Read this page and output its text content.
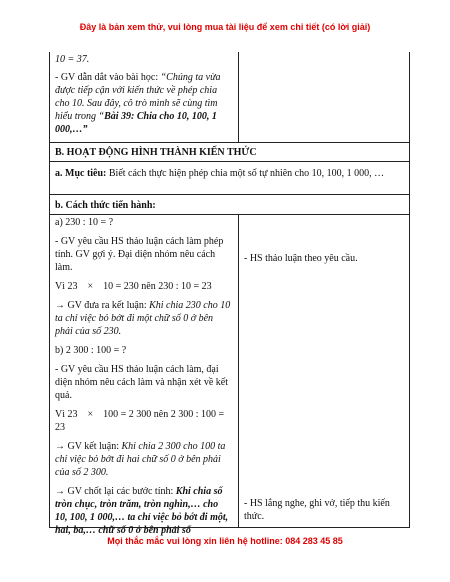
Đây là bản xem thử, vui lòng mua tài liệu để xem chi tiết (có lời giải)

10 = 37.

- GV dẫn dắt vào bài học: “Chúng ta vừa được tiếp cận với kiến thức về phép chia cho 10. Sau đây, cô trò mình sẽ cùng tìm hiểu trong “Bài 39: Chia cho 10, 100, 1 000,…”

B. HOẠT ĐỘNG HÌNH THÀNH KIẾN THỨC

a. Mục tiêu: Biết cách thực hiện phép chia một số tự nhiên cho 10, 100, 1 000, …

b. Cách thức tiến hành:

a) 230 : 10 = ?

- GV yêu cầu HS thảo luận cách làm phép tính. GV gợi ý. Đại diện nhóm nêu cách làm.

Vì 23    ×    10 = 230 nên 230 : 10 = 23

→ GV đưa ra kết luận: Khi chia 230 cho 10 ta chỉ việc bỏ bớt đi một chữ số 0 ở bên phải của số 230.

b) 2 300 : 100 = ?

- GV yêu cầu HS thảo luận cách làm, đại diện nhóm nêu cách làm và nhận xét về kết quả.

Vì 23    ×    100 = 2 300 nên 2 300 : 100 = 23

→ GV kết luận: Khi chia 2 300 cho 100 ta chỉ việc bỏ bớt đi hai chữ số 0 ở bên phải của số 2 300.

→ GV chốt lại các bước tính: Khi chia số tròn chục, tròn trăm, tròn nghìn,… cho 10, 100, 1 000,… ta chỉ việc bỏ bớt đi một, hai, ba,… chữ số 0 ở bên phải số

- HS thảo luận theo yêu cầu.

- HS lắng nghe, ghi vở, tiếp thu kiến thức.

Mọi thắc mắc vui lòng xin liên hệ hotline: 084 283 45 85
